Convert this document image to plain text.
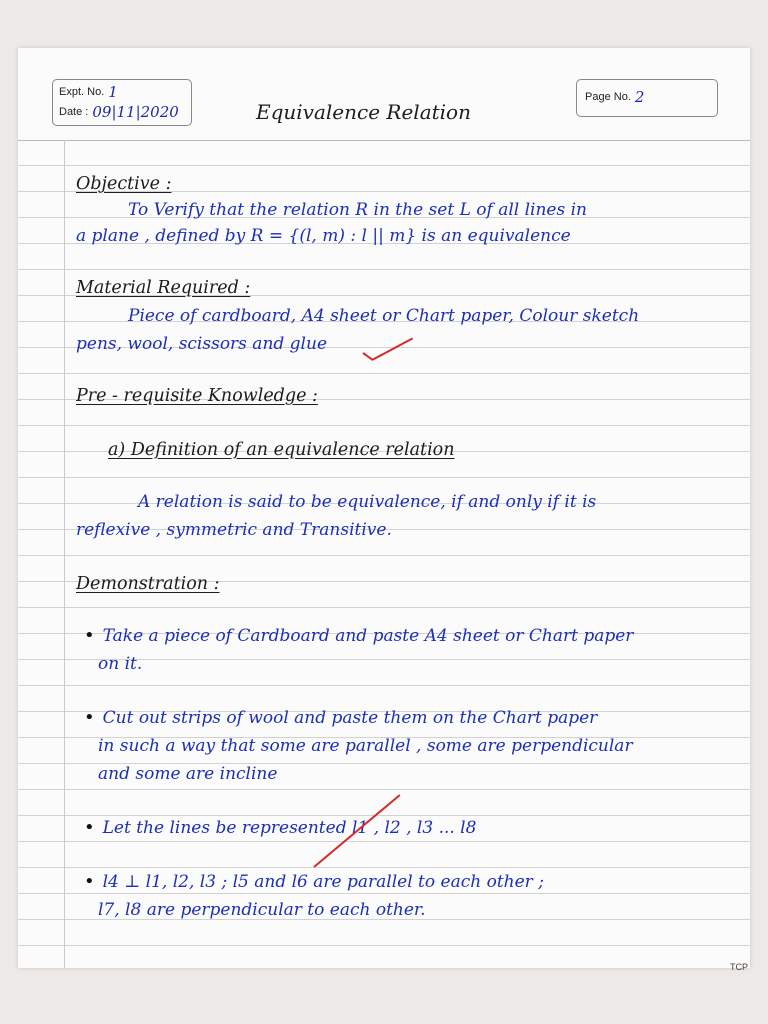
Expt. No. 1
Date : 09|11|2020	Equivalence Relation
Page No. 2
Objective :
To Verify that the relation R in the set L of all lines in
a plane , defined by R = {(l, m) : l || m} is an equivalence
Material Required :
Piece of cardboard, A4 sheet or Chart paper, Colour sketch
pens, wool, scissors and glue
Pre - requisite Knowledge :
a) Definition of an equivalence relation
A relation is said to be equivalence, if and only if it is
reflexive , symmetric and Transitive.
Demonstration :
• Take a piece of Cardboard and paste A4 sheet or Chart paper
on it.
• Cut out strips of wool and paste them on the Chart paper
in such a way that some are parallel , some are perpendicular
and some are incline
• Let the lines be represented l1 , l2 , l3 ... l8
• l4 ⊥ l1, l2, l3 ; l5 and l6 are parallel to each other ;
l7, l8 are perpendicular to each other.
TCP
